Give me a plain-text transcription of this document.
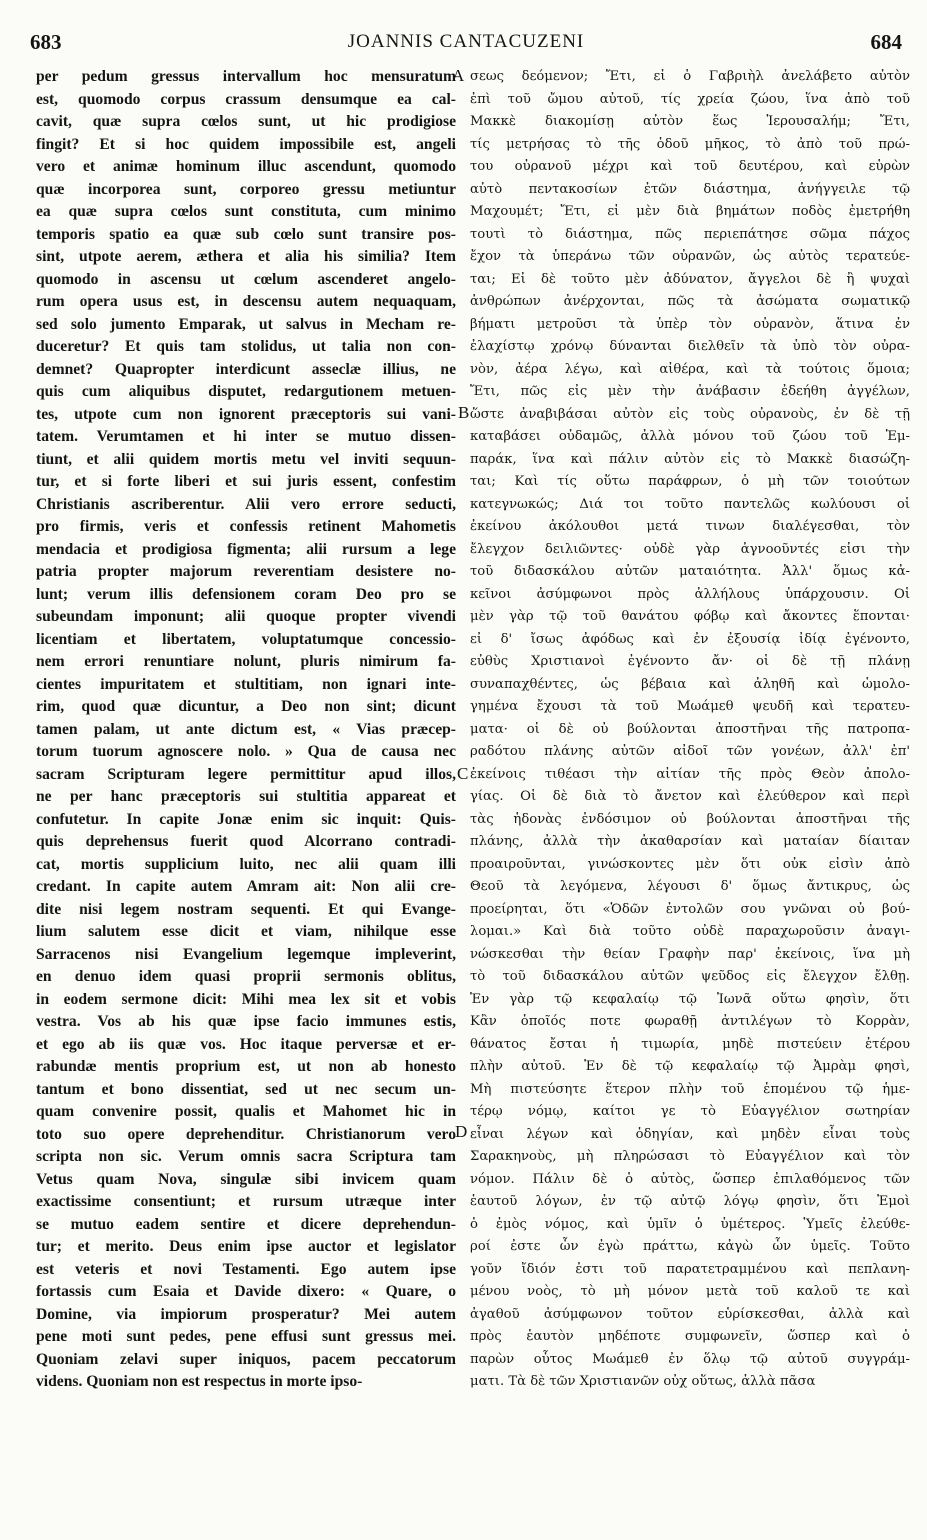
683	JOANNIS CANTACUZENI	684
per pedum gressus intervallum hoc mensuratum
est, quomodo corpus crassum densumque ea cal-
cavit, quæ supra cœlos sunt, ut hic prodigiose
fingit? Et si hoc quidem impossibile est, angeli
vero et animæ hominum illuc ascendunt, quomodo
quæ incorporea sunt, corporeo gressu metiuntur
ea quæ supra cœlos sunt constituta, cum minimo
temporis spatio ea quæ sub cœlo sunt transire pos-
sint, utpote aerem, æthera et alia his similia? Item
quomodo in ascensu ut cœlum ascenderet angelo-
rum opera usus est, in descensu autem nequaquam,
sed solo jumento Emparak, ut salvus in Mecham re-
duceretur? Et quis tam stolidus, ut talia non con-
demnet? Quapropter interdicunt asseclæ illius, ne
quis cum aliquibus disputet, redargutionem metuen-
tes, utpote cum non ignorent præceptoris sui vani-
tatem. Verumtamen et hi inter se mutuo dissen-
tiunt, et alii quidem mortis metu vel inviti sequun-
tur, et si forte liberi et sui juris essent, confestim
Christianis ascriberentur. Alii vero errore seducti,
pro firmis, veris et confessis retinent Mahometis
mendacia et prodigiosa figmenta; alii rursum a lege
patria propter majorum reverentiam desistere no-
lunt; verum illis defensionem coram Deo pro se
subeundam imponunt; alii quoque propter vivendi
licentiam et libertatem, voluptatumque concessio-
nem errori renuntiare nolunt, pluris nimirum fa-
cientes impuritatem et stultitiam, non ignari inte-
rim, quod quæ dicuntur, a Deo non sint; dicunt
tamen palam, ut ante dictum est, « Vias præcep-
torum tuorum agnoscere nolo. » Qua de causa nec
sacram Scripturam legere permittitur apud illos,
ne per hanc præceptoris sui stultitia appareat et
confutetur. In capite Jonæ enim sic inquit: Quis-
quis deprehensus fuerit quod Alcorrano contradi-
cat, mortis supplicium luito, nec alii quam illi
credant. In capite autem Amram ait: Non alii cre-
dite nisi legem nostram sequenti. Et qui Evange-
lium salutem esse dicit et viam, nihilque esse
Sarracenos nisi Evangelium legemque impleverint,
en denuo idem quasi proprii sermonis oblitus,
in eodem sermone dicit: Mihi mea lex sit et vobis
vestra. Vos ab his quæ ipse facio immunes estis,
et ego ab iis quæ vos. Hoc itaque perversæ et er-
rabundæ mentis proprium est, ut non ab honesto
tantum et bono dissentiat, sed ut nec secum un-
quam convenire possit, qualis et Mahomet hic in
toto suo opere deprehenditur. Christianorum vero
scripta non sic. Verum omnis sacra Scriptura tam
Vetus quam Nova, singulæ sibi invicem quam
exactissime consentiunt; et rursum utræque inter
se mutuo eadem sentire et dicere deprehendun-
tur; et merito. Deus enim ipse auctor et legislator
est veteris et novi Testamenti. Ego autem ipse
fortassis cum Esaia et Davide dixero: « Quare, o
Domine, via impiorum prosperatur? Mei autem
pene moti sunt pedes, pene effusi sunt gressus mei.
Quoniam zelavi super iniquos, pacem peccatorum
videns. Quoniam non est respectus in morte ipso-
σεως δεόμενον; Ἔτι, εἰ ὁ Γαβριὴλ ἀνελάβετο αὐτὸν
ἐπὶ τοῦ ὤμου αὐτοῦ, τίς χρεία ζώου, ἵνα ἀπὸ τοῦ
Μακκὲ διακομίσῃ αὐτὸν ἕως Ἱερουσαλήμ; Ἔτι,
τίς μετρήσας τὸ τῆς ὁδοῦ μῆκος, τὸ ἀπὸ τοῦ πρώ-
του οὐρανοῦ μέχρι καὶ τοῦ δευτέρου, καὶ εὑρὼν
αὐτὸ πεντακοσίων ἐτῶν διάστημα, ἀνήγγειλε τῷ
Μαχουμέτ; Ἔτι, εἰ μὲν διὰ βημάτων ποδὸς ἐμετρήθη
τουτὶ τὸ διάστημα, πῶς περιεπάτησε σῶμα πάχος
ἔχον τὰ ὑπεράνω τῶν οὐρανῶν, ὡς αὐτὸς τερατεύε-
ται; Εἰ δὲ τοῦτο μὲν ἀδύνατον, ἄγγελοι δὲ ἢ ψυχαὶ
ἀνθρώπων ἀνέρχονται, πῶς τὰ ἀσώματα σωματικῷ
βήματι μετροῦσι τὰ ὑπὲρ τὸν οὐρανὸν, ἅτινα ἐν
ἐλαχίστῳ χρόνῳ δύνανται διελθεῖν τὰ ὑπὸ τὸν οὐρα-
νὸν, ἀέρα λέγω, καὶ αἰθέρα, καὶ τὰ τούτοις ὅμοια;
Ἔτι, πῶς εἰς μὲν τὴν ἀνάβασιν ἐδεήθη ἀγγέλων,
ὥστε ἀναβιβάσαι αὐτὸν εἰς τοὺς οὐρανοὺς, ἐν δὲ τῇ
καταβάσει οὐδαμῶς, ἀλλὰ μόνου τοῦ ζώου τοῦ Ἐμ-
παράκ, ἵνα καὶ πάλιν αὐτὸν εἰς τὸ Μακκὲ διασώζη-
ται; Καὶ τίς οὕτω παράφρων, ὁ μὴ τῶν τοιούτων
κατεγνωκώς; Διά τοι τοῦτο παντελῶς κωλύουσι οἱ
ἐκείνου ἀκόλουθοι μετά τινων διαλέγεσθαι, τὸν
ἔλεγχον δειλιῶντες· οὐδὲ γὰρ ἀγνοοῦντές εἰσι τὴν
τοῦ διδασκάλου αὐτῶν ματαιότητα. Ἀλλ' ὅμως κἀ-
κεῖνοι ἀσύμφωνοι πρὸς ἀλλήλους ὑπάρχουσιν. Οἱ
μὲν γὰρ τῷ τοῦ θανάτου φόβῳ καὶ ἄκοντες ἕπονται·
εἰ δ' ἴσως ἀφόδως καὶ ἐν ἐξουσίᾳ ἰδίᾳ ἐγένοντο,
εὐθὺς Χριστιανοὶ ἐγένοντο ἄν· οἱ δὲ τῇ πλάνῃ
συναπαχθέντες, ὡς βέβαια καὶ ἀληθῆ καὶ ὡμολο-
γημένα ἔχουσι τὰ τοῦ Μωάμεθ ψευδῆ καὶ τερατευ-
ματα· οἱ δὲ οὐ βούλονται ἀποστῆναι τῆς πατροπα-
ραδότου πλάνης αὐτῶν αἰδοῖ τῶν γονέων, ἀλλ' ἐπ'
ἐκείνοις τιθέασι τὴν αἰτίαν τῆς πρὸς Θεὸν ἀπολο-
γίας. Οἱ δὲ διὰ τὸ ἄνετον καὶ ἐλεύθερον καὶ περὶ
τὰς ἡδονὰς ἐνδόσιμον οὐ βούλονται ἀποστῆναι τῆς
πλάνης, ἀλλὰ τὴν ἀκαθαρσίαν καὶ ματαίαν δίαιταν
προαιροῦνται, γινώσκοντες μὲν ὅτι οὐκ εἰσὶν ἀπὸ
Θεοῦ τὰ λεγόμενα, λέγουσι δ' ὅμως ἄντικρυς, ὡς
προείρηται, ὅτι «Ὁδῶν ἐντολῶν σου γνῶναι οὐ βού-
λομαι.» Καὶ διὰ τοῦτο οὐδὲ παραχωροῦσιν ἀναγι-
νώσκεσθαι τὴν θείαν Γραφὴν παρ' ἐκείνοις, ἵνα μὴ
τὸ τοῦ διδασκάλου αὐτῶν ψεῦδος εἰς ἔλεγχον ἔλθῃ.
Ἐν γὰρ τῷ κεφαλαίῳ τῷ Ἰωνᾶ οὕτω φησὶν, ὅτι
Κἂν ὁποῖός ποτε φωραθῇ ἀντιλέγων τὸ Κορρὰν,
θάνατος ἔσται ἡ τιμωρία, μηδὲ πιστεύειν ἑτέρου
πλὴν αὐτοῦ. Ἐν δὲ τῷ κεφαλαίῳ τῷ Ἀμρὰμ φησὶ,
Μὴ πιστεύσητε ἕτερον πλὴν τοῦ ἑπομένου τῷ ἡμε-
τέρῳ νόμῳ, καίτοι γε τὸ Εὐαγγέλιον σωτηρίαν
εἶναι λέγων καὶ ὁδηγίαν, καὶ μηδὲν εἶναι τοὺς
Σαρακηνοὺς, μὴ πληρώσασι τὸ Εὐαγγέλιον καὶ τὸν
νόμον. Πάλιν δὲ ὁ αὐτὸς, ὥσπερ ἐπιλαθόμενος τῶν
ἑαυτοῦ λόγων, ἐν τῷ αὐτῷ λόγῳ φησὶν, ὅτι Ἐμοὶ
ὁ ἐμὸς νόμος, καὶ ὑμῖν ὁ ὑμέτερος. Ὑμεῖς ἐλεύθε-
ροί ἐστε ὧν ἐγὼ πράττω, κἀγὼ ὧν ὑμεῖς. Τοῦτο
γοῦν ἴδιόν ἐστι τοῦ παρατετραμμένου καὶ πεπλανη-
μένου νοὸς, τὸ μὴ μόνον μετὰ τοῦ καλοῦ τε καὶ
ἀγαθοῦ ἀσύμφωνον τοῦτον εὑρίσκεσθαι, ἀλλὰ καὶ
πρὸς ἑαυτὸν μηδέποτε συμφωνεῖν, ὥσπερ καὶ ὁ
παρὼν οὗτος Μωάμεθ ἐν ὅλῳ τῷ αὐτοῦ συγγράμ-
ματι. Τὰ δὲ τῶν Χριστιανῶν οὐχ οὕτως, ἀλλὰ πᾶσα
A
B
C
D
